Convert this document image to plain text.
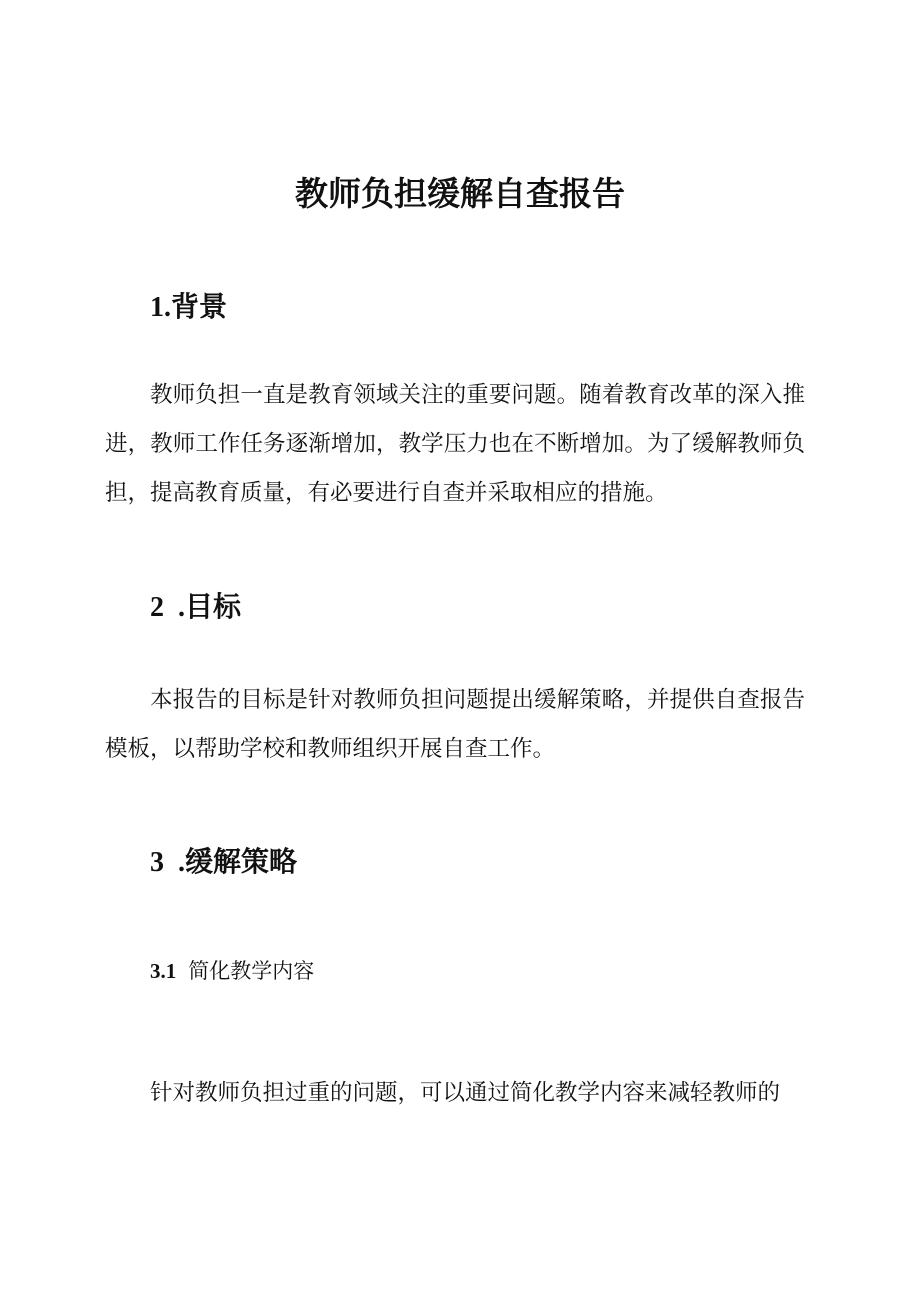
教师负担缓解自查报告
1.背景

教师负担一直是教育领域关注的重要问题。随着教育改革的深入推进，教师工作任务逐渐增加，教学压力也在不断增加。为了缓解教师负担，提高教育质量，有必要进行自查并采取相应的措施。

2  .目标

本报告的目标是针对教师负担问题提出缓解策略，并提供自查报告模板，以帮助学校和教师组织开展自查工作。

3  .缓解策略
3.1 简化教学内容

针对教师负担过重的问题，可以通过简化教学内容来减轻教师的
